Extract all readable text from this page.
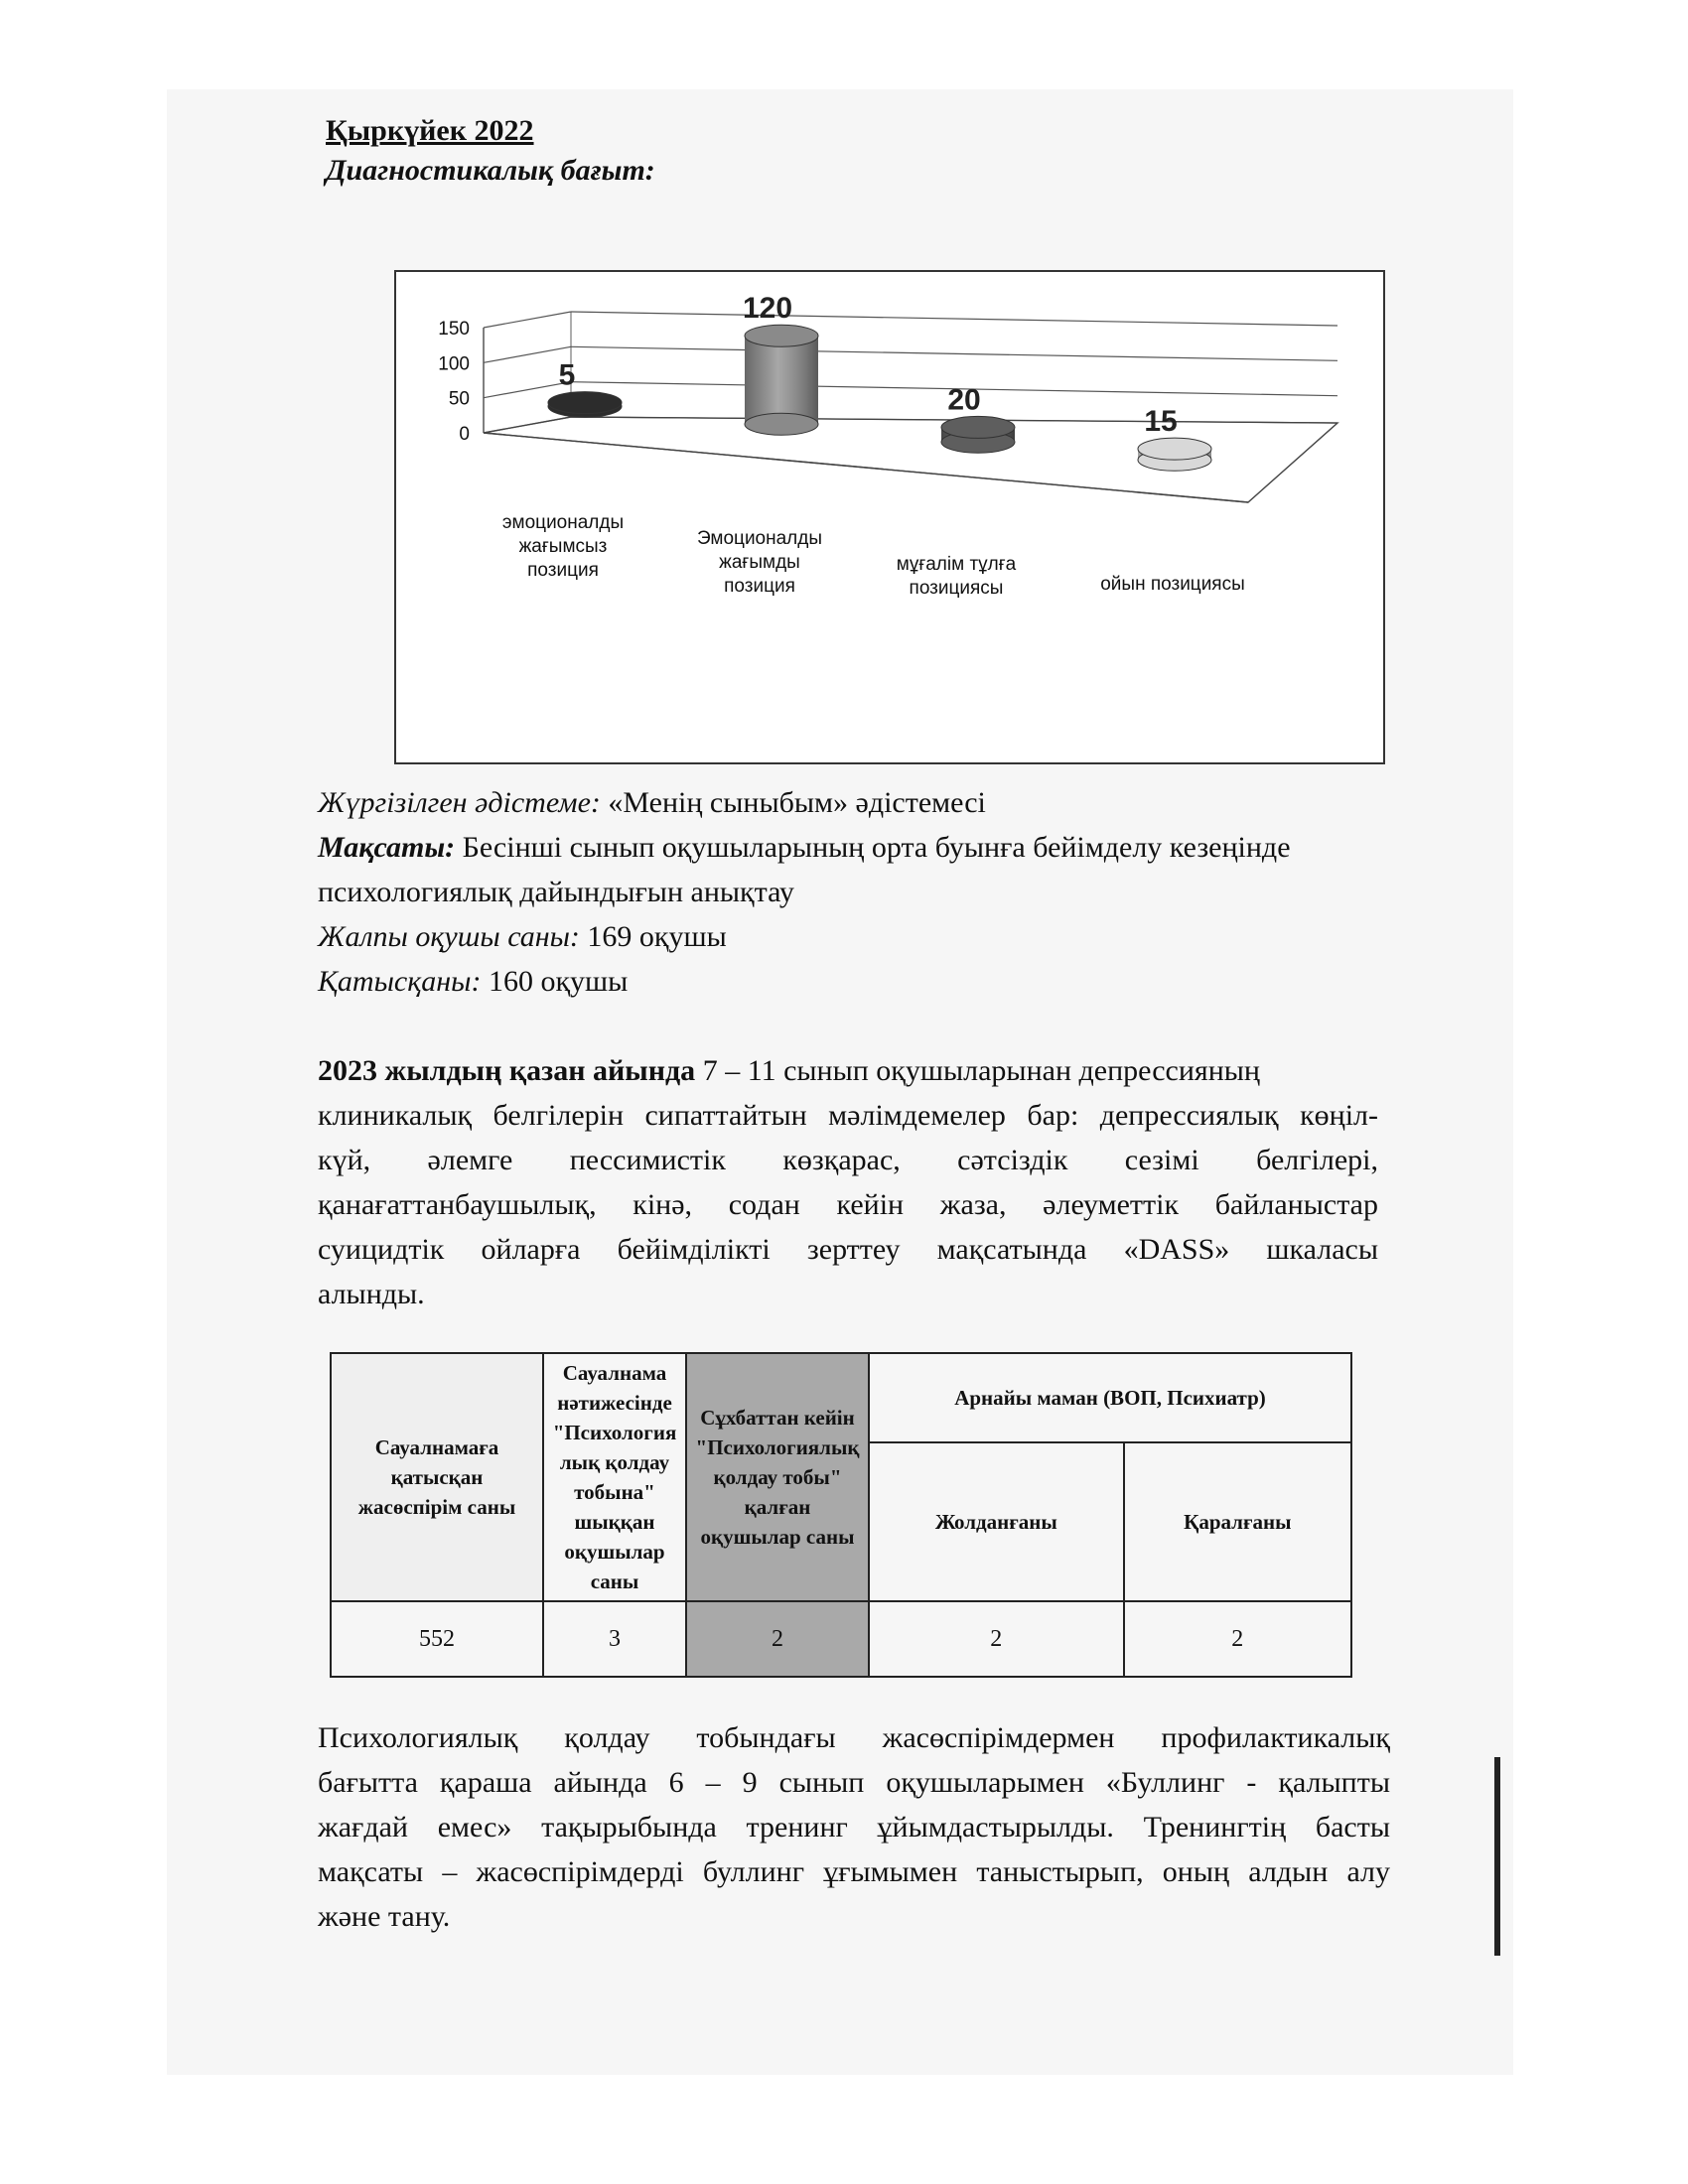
Қыркүйек 2022
Диагностикалық бағыт:
150
100
50
0
5
120
20
15
эмоционалды
жағымсыз
позиция
Эмоционалды
жағымды
позиция
мұғалім тұлға
позициясы	ойын позициясы
Жүргізілген әдістеме: «Менің сыныбым» әдістемесі
Мақсаты: Бесінші сынып оқушыларының орта буынға бейімделу кезеңінде
психологиялық дайындығын анықтау
Жалпы оқушы саны: 169 оқушы
Қатысқаны: 160 оқушы
2023 жылдың қазан айында 7 – 11 сынып оқушыларынан депрессияның
клиникалық белгілерін сипаттайтын мәлімдемелер бар: депрессиялық көңіл-
күй, әлемге пессимистік көзқарас, сәтсіздік сезімі белгілері,
қанағаттанбаушылық, кінә, содан кейін жаза, әлеуметтік байланыстар
суицидтік ойларға бейімділікті зерттеу мақсатында «DASS» шкаласы
алынды.
Сауалнамаға қатысқан жасөспірім саны	Сауалнама нәтижесінде "Психология лық қолдау тобына" шыққан оқушылар саны	Сұхбаттан кейін "Психологиялық қолдау тобы" қалған оқушылар саны	Арнайы маман (ВОП, Психиатр)	
			Жолданғаны	Қаралғаны
552	3	2	2	2
Психологиялық қолдау тобындағы жасөспірімдермен профилактикалық
бағытта қараша айында 6 – 9 сынып оқушыларымен «Буллинг - қалыпты
жағдай емес» тақырыбында тренинг ұйымдастырылды. Тренингтің басты
мақсаты – жасөспірімдерді буллинг ұғымымен таныстырып, оның алдын алу
және тану.
